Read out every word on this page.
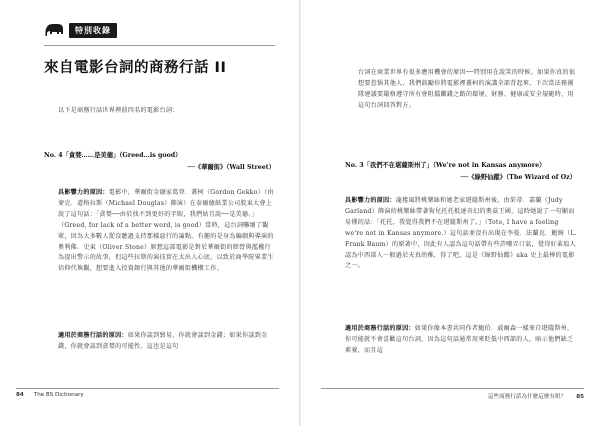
特別收錄
來自電影台詞的商務行話 II

以下是商務行話世界裡前四名的電影台詞：

No. 4「貪婪……是美德」（Greed…is good）
──《華爾街》（Wall Street）

具影響力的原因：電影中，華爾街金融家葛登．蓋柯（Gordon Gekko）（由麥克．道格拉斯（Michael Douglas）飾演）在泰爾德紙業公司股東大會上說了這句話：「貪婪──由於找不到更好的字眼，我們姑且說──是美德。」（Greed, for lack of a better word, is good）當時，這台詞嚇壞了觀眾，因為大多數人從沒聽過支持那樣惡行的論點。有趣的是身為編劇與導演的奧利佛．史東（Oliver Stone）原想這部電影是對於華爾街的經營與濫權行為提出警示的故事，但這些拉斯的演技實在太出人心底，以致於商學院畢業生信仰代換觀，想要進入投資銀行與其他的華爾街機構工作。

適用於商務行話的原因：如果你談到貿易，你就會談到金錢；如果你談到金錢，你就會談到貪婪的可能性。這也是這句

84 The BS Dictionary

台詞在商業世界有很多應用機會的原因──特別用在說笑的時候。如果你真的很想要惹惱其他人，我們鼓勵你將電影裡蓋柯的演講全部背起來，下次當法務團隊建議要嚴格遵守所有會阻擋賺錢之路的環境、財務、健康或安全規範時，用這句台詞回答對方。

No. 3「我們不在堪薩斯州了」（We're not in Kansas anymore）
──《綠野仙蹤》（The Wizard of Oz）

具影響力的原因：龍捲風將桃樂絲和她老家堪薩斯州後，由茱蒂．嘉蘭（Judy Garland）飾演的桃樂絲帶著狗兒托托抵達奇幻的奧茲王國，這時她說了一句顯而易懂的話：「托托，我覺得我們不在堪薩斯州了。」（Toto, I have a feeling we're not in Kansas anymore.）這句話並沒有出現在李曼．法蘭克．鮑姆（L. Frank Baum）的原著中，因此有人認為這句話帶有些許嘲弄口氣，覺得好萊塢人認為中西部人一般過於天真幼稚，得了吧，這是《綠野仙蹤》aka 史上最棒的電影之一。

適用於商務行話的原因：如果你像本書共同作者鮑伯．戚爾森一樣來自堪薩斯州，你可能就不會喜歡這句台詞，因為這句話通常用來貶低中西部的人，暗示他們缺乏素養，而且這

這些商務行話為什麼這麼有哏？ 85
